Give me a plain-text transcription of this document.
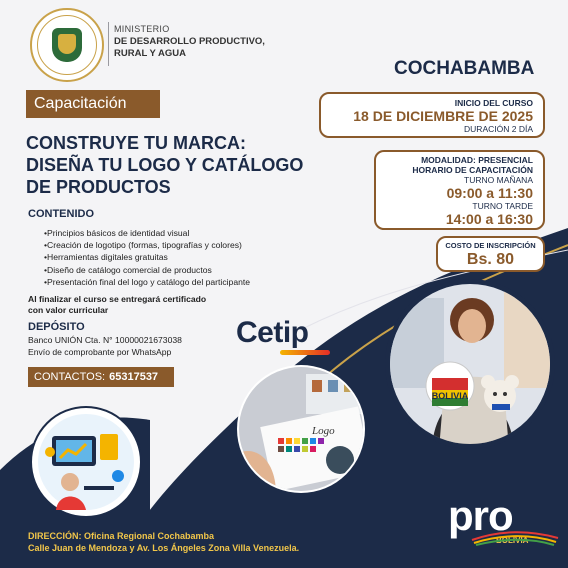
MINISTERIO
DE DESARROLLO PRODUCTIVO,
RURAL Y AGUA
COCHABAMBA
Capacitación
CONSTRUYE TU MARCA:
DISEÑA TU LOGO Y CATÁLOGO
DE PRODUCTOS
CONTENIDO
•Principios básicos de identidad visual
•Creación de logotipo (formas, tipografías y colores)
•Herramientas digitales gratuitas
•Diseño de catálogo comercial de productos
•Presentación final del logo y catálogo del participante
Al finalizar el curso se entregará certificado
con valor curricular
DEPÓSITO
Banco UNIÓN Cta. N° 10000021673038
Envío de comprobante por WhatsApp
CONTACTOS: 65317537
INICIO DEL CURSO
18 DE DICIEMBRE DE 2025
DURACIÓN 2 DÍA
MODALIDAD: PRESENCIAL
HORARIO DE CAPACITACIÓN
TURNO MAÑANA
09:00 a 11:30
TURNO TARDE
14:00 a 16:30
COSTO DE INSCRIPCIÓN
Bs. 80
Cetip
BOLIVIA
Logo
DIRECCIÓN: Oficina Regional Cochabamba
Calle Juan de Mendoza y Av. Los Ángeles Zona Villa Venezuela.
pro
BOLIVIA
